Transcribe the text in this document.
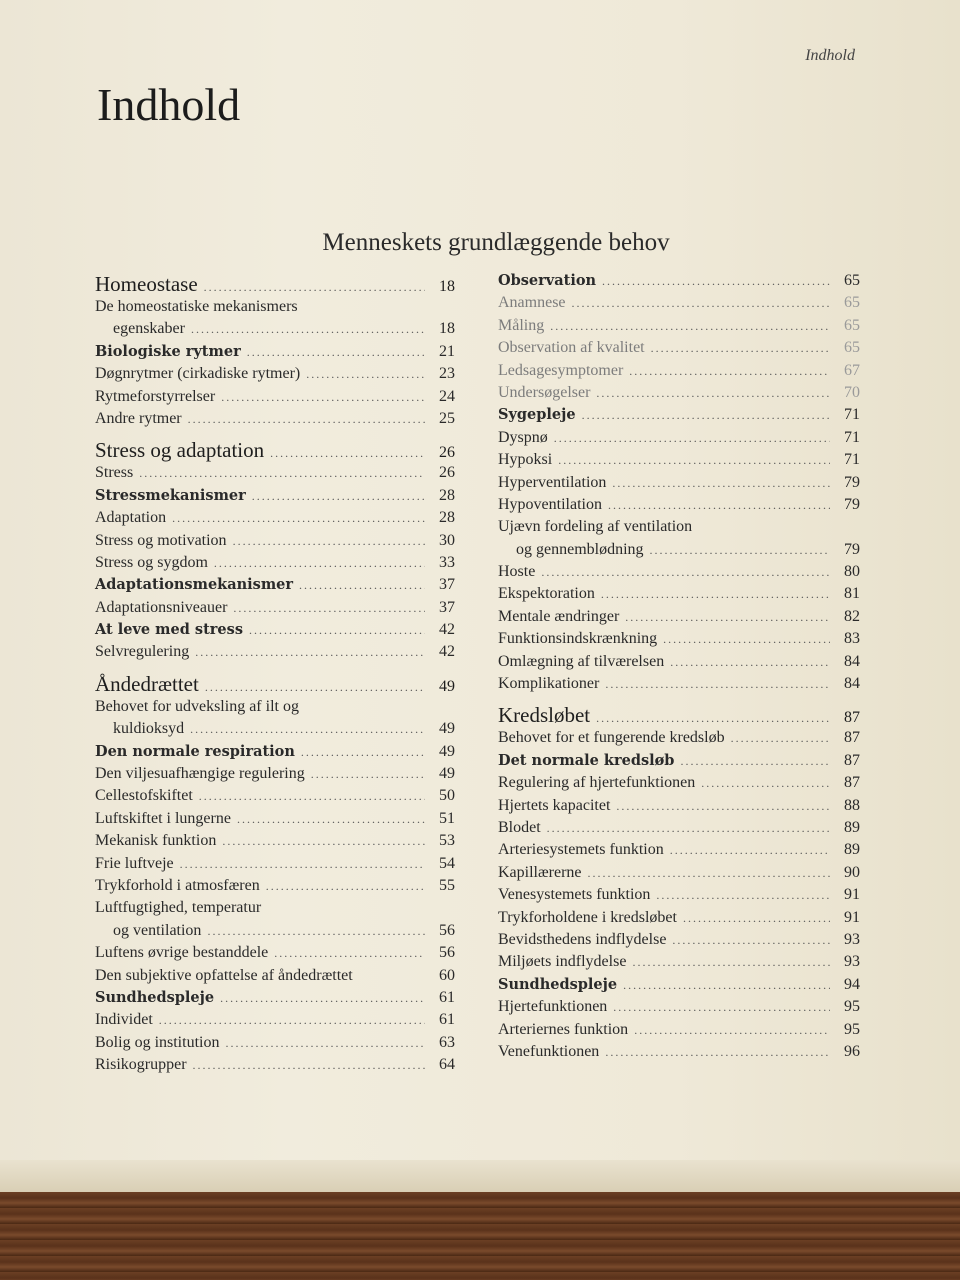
Indhold
Indhold
Menneskets grundlæggende behov
Homeostase .....	18
De homeostatiske mekanismers
egenskaber .....	18
Biologiske rytmer .....	21
Døgnrytmer (cirkadiske rytmer) .....	23
Rytmeforstyrrelser .....	24
Andre rytmer .....	25
Stress og adaptation .....	26
Stress .....	26
Stressmekanismer .....	28
Adaptation .....	28
Stress og motivation .....	30
Stress og sygdom .....	33
Adaptationsmekanismer .....	37
Adaptationsniveauer .....	37
At leve med stress .....	42
Selvregulering .....	42
Åndedrættet .....	49
Behovet for udveksling af ilt og
kuldioksyd .....	49
Den normale respiration .....	49
Den viljesuafhængige regulering .....	49
Cellestofskiftet .....	50
Luftskiftet i lungerne .....	51
Mekanisk funktion .....	53
Frie luftveje .....	54
Trykforhold i atmosfæren .....	55
Luftfugtighed, temperatur
og ventilation .....	56
Luftens øvrige bestanddele .....	56
Den subjektive opfattelse af åndedrættet	60
Sundhedspleje .....	61
Individet .....	61
Bolig og institution .....	63
Risikogrupper .....	64
Observation .....	65
Anamnese .....	65
Måling .....	65
Observation af kvalitet .....	65
Ledsagesymptomer .....	67
Undersøgelser .....	70
Sygepleje .....	71
Dyspnø .....	71
Hypoksi .....	71
Hyperventilation .....	79
Hypoventilation .....	79
Ujævn fordeling af ventilation
og gennemblødning .....	79
Hoste .....	80
Ekspektoration .....	81
Mentale ændringer .....	82
Funktionsindskrænkning .....	83
Omlægning af tilværelsen .....	84
Komplikationer .....	84
Kredsløbet .....	87
Behovet for et fungerende kredsløb .....	87
Det normale kredsløb .....	87
Regulering af hjertefunktionen .....	87
Hjertets kapacitet .....	88
Blodet .....	89
Arteriesystemets funktion .....	89
Kapillærerne .....	90
Venesystemets funktion .....	91
Trykforholdene i kredsløbet .....	91
Bevidsthedens indflydelse .....	93
Miljøets indflydelse .....	93
Sundhedspleje .....	94
Hjertefunktionen .....	95
Arteriernes funktion .....	95
Venefunktionen .....	96
